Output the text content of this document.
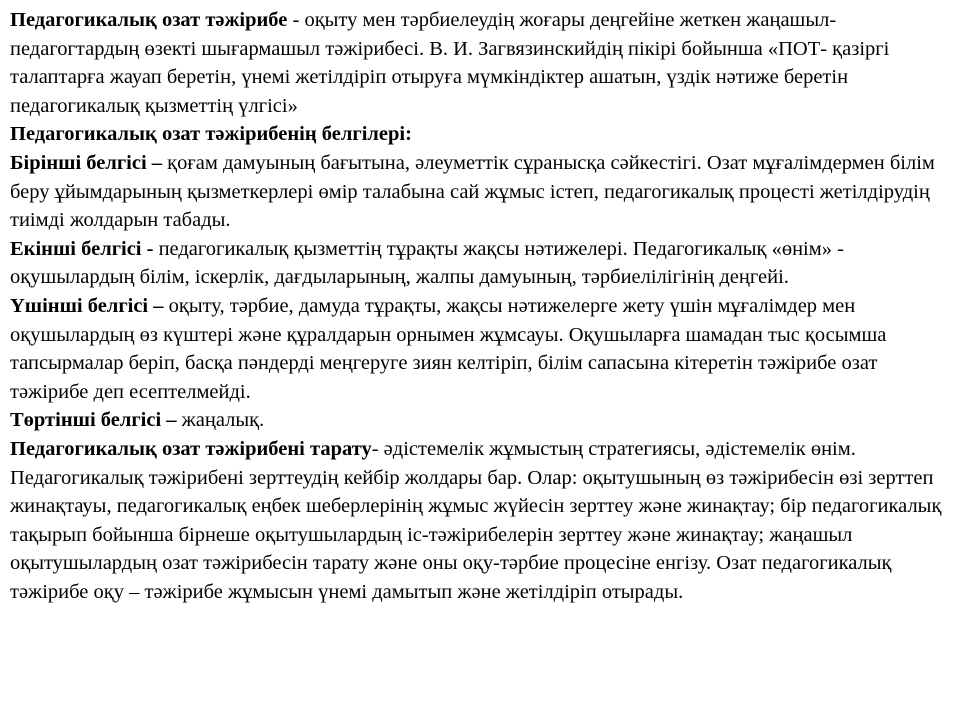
Педагогикалық озат тәжірибе - оқыту мен тәрбиелеудің жоғары деңгейіне жеткен жаңашыл-педагогтардың өзекті шығармашыл тәжірибесі. В. И. Загвязинскийдің пікірі бойынша «ПОТ- қазіргі талаптарға жауап беретін, үнемі жетілдіріп отыруға мүмкіндіктер ашатын, үздік нәтиже беретін педагогикалық қызметтің үлгісі»

Педагогикалық озат тәжірибенің белгілері:

Бірінші белгісі – қоғам дамуының бағытына, әлеуметтік сұранысқа сәйкестігі. Озат мұғалімдермен білім беру ұйымдарының қызметкерлері өмір талабына сай жұмыс істеп, педагогикалық процесті жетілдірудің тиімді жолдарын табады.

Екінші белгісі - педагогикалық қызметтің тұрақты жақсы нәтижелері. Педагогикалық «өнім» - оқушылардың білім, іскерлік, дағдыларының, жалпы дамуының, тәрбиелілігінің деңгейі.

Үшінші белгісі – оқыту, тәрбие, дамуда тұрақты, жақсы нәтижелерге жету үшін мұғалімдер мен оқушылардың өз күштері және құралдарын орнымен жұмсауы. Оқушыларға шамадан тыс қосымша тапсырмалар беріп, басқа пәндерді меңгеруге зиян келтіріп, білім сапасына кітеретін тәжірибе озат тәжірибе деп есептелмейді.

Төртінші белгісі – жаңалық.

Педагогикалық озат тәжірибені тарату- әдістемелік жұмыстың стратегиясы, әдістемелік өнім. Педагогикалық тәжірибені зерттеудің кейбір жолдары бар. Олар: оқытушының өз тәжірибесін өзі зерттеп жинақтауы, педагогикалық еңбек шеберлерінің жұмыс жүйесін зерттеу және жинақтау; бір педагогикалық тақырып бойынша бірнеше оқытушылардың іс-тәжірибелерін зерттеу және жинақтау; жаңашыл оқытушылардың озат тәжірибесін тарату және оны оқу-тәрбие процесіне енгізу. Озат педагогикалық тәжірибе оқу – тәжірибе жұмысын үнемі дамытып және жетілдіріп отырады.
